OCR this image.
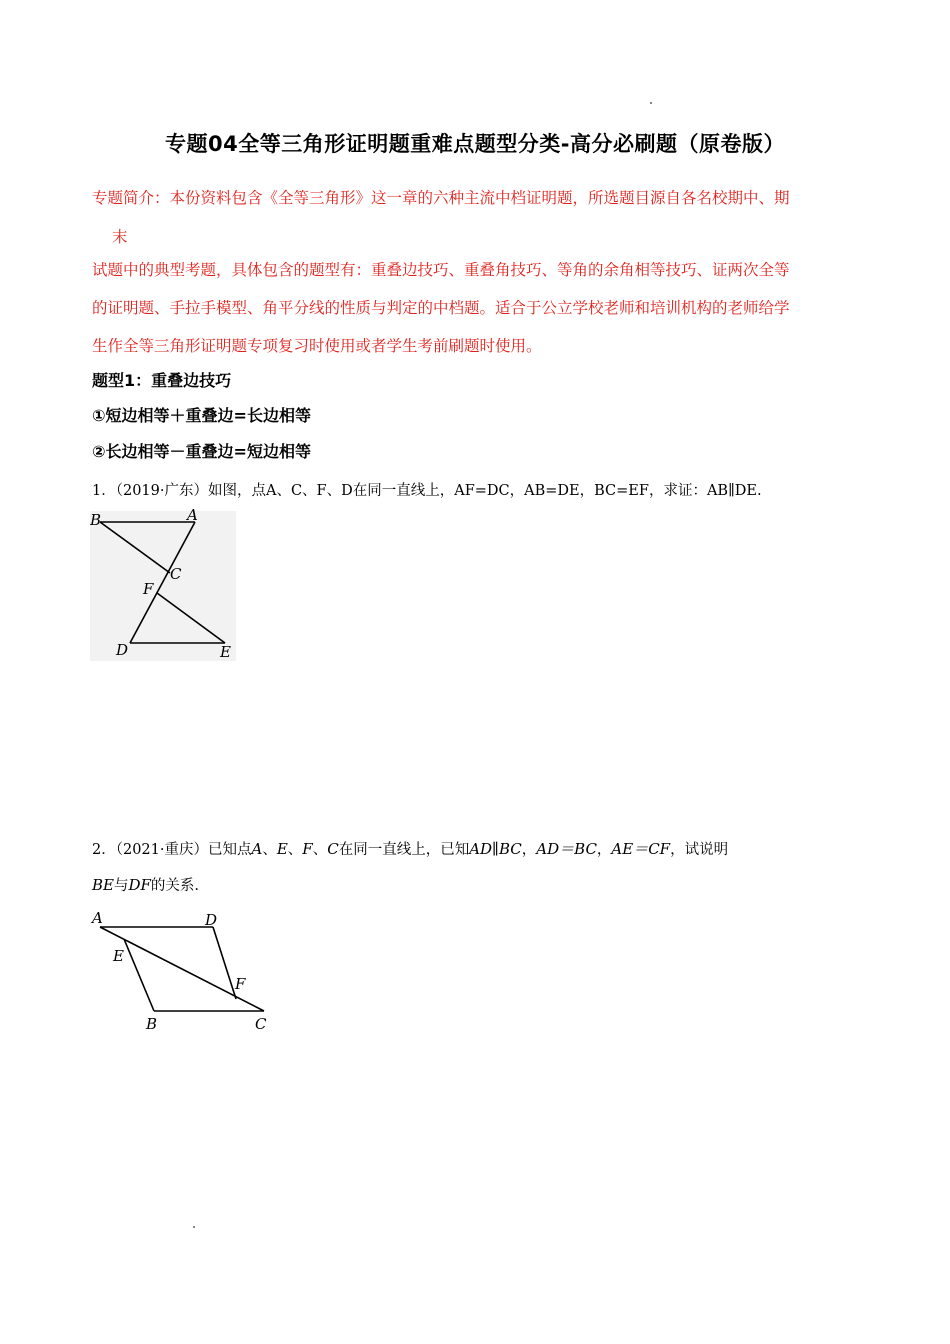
专题04全等三角形证明题重难点题型分类-高分必刷题（原卷版）
专题简介：本份资料包含《全等三角形》这一章的六种主流中档证明题，所选题目源自各名校期中、期
末
试题中的典型考题，具体包含的题型有：重叠边技巧、重叠角技巧、等角的余角相等技巧、证两次全等
的证明题、手拉手模型、角平分线的性质与判定的中档题。适合于公立学校老师和培训机构的老师给学
生作全等三角形证明题专项复习时使用或者学生考前刷题时使用。
题型1：重叠边技巧
①短边相等＋重叠边=长边相等
②长边相等－重叠边=短边相等
1．（2019·广东）如图，点A、C、F、D在同一直线上，AF=DC，AB=DE，BC=EF，求证：AB∥DE.
B	A
C
F
D	E
2．（2021·重庆）已知点A、E、F、C在同一直线上，已知AD∥BC，AD＝BC，AE＝CF，试说明
BE与DF的关系.
A	D
E
F
B	C
